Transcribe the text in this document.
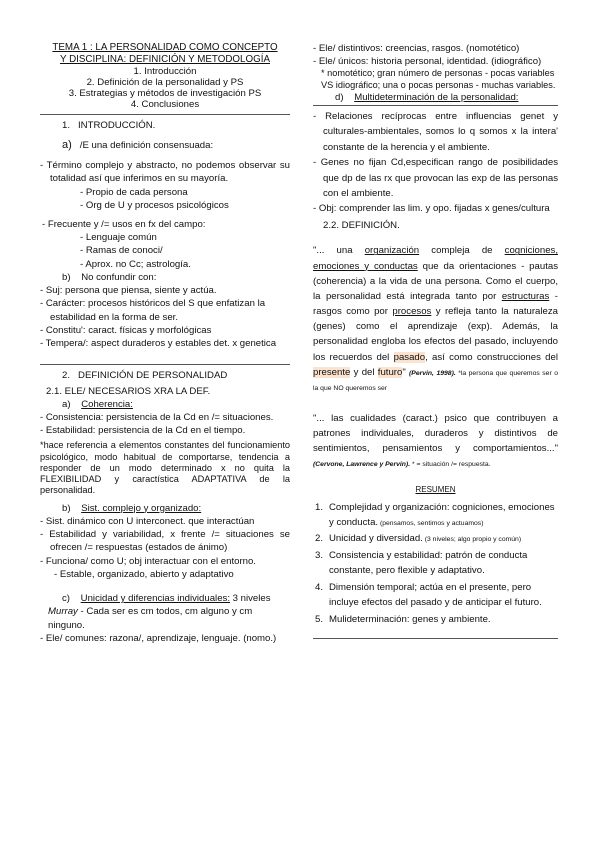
TEMA 1 : LA PERSONALIDAD COMO CONCEPTO
Y DISCIPLINA: DEFINICIÓN Y METODOLOGÍA
1. Introducción
2. Definición de la personalidad y PS
3. Estrategias y métodos de investigación PS
4. Conclusiones
1. INTRODUCCIÓN.
a) /E una definición consensuada:
- Término complejo y abstracto, no podemos observar su totalidad así que inferimos en su mayoría.
- Propio de cada persona
- Org de U y procesos psicológicos
- Frecuente y /= usos en fx del campo:
- Lenguaje común
- Ramas de conoci/
- Aprox. no Cc; astrología.
b) No confundir con:
- Suj: persona que piensa, siente y actúa.
- Carácter: procesos históricos del S que enfatizan la estabilidad en la forma de ser.
- Constitu': caract. físicas y morfológicas
- Tempera/: aspect duraderos y estables det. x genetica
2. DEFINICIÓN DE PERSONALIDAD
2.1. ELE/ NECESARIOS XRA LA DEF.
a) Coherencia:
- Consistencia: persistencia de la Cd en /= situaciones.
- Estabilidad: persistencia de la Cd en el tiempo.
*hace referencia a elementos constantes del funcionamiento psicológico, modo habitual de comportarse, tendencia a responder de un modo determinado x no quita la FLEXIBILIDAD y caractística ADAPTATIVA de la personalidad.
b) Sist. complejo y organizado:
- Sist. dinámico con U interconect. que interactúan
- Estabilidad y variabilidad, x frente /= situaciones se ofrecen /= respuestas (estados de ánimo)
- Funciona/ como U; obj interactuar con el entorno.
- Estable, organizado, abierto y adaptativo
c) Unicidad y diferencias individuales: 3 niveles
Murray - Cada ser es cm todos, cm alguno y cm ninguno.
- Ele/ comunes: razona/, aprendizaje, lenguaje. (nomo.)
- Ele/ distintivos: creencias, rasgos. (nomotético)
- Ele/ únicos: historia personal, identidad. (idiográfico)
* nomotético; gran número de personas - pocas variables
VS idiográfico; una o pocas personas - muchas variables.
d) Multideterminación de la personalidad:
- Relaciones recíprocas entre influencias genet y culturales-ambientales, somos lo q somos x la intera' constante de la herencia y el ambiente.
- Genes no fijan Cd,especifican rango de posibilidades que dp de las rx que provocan las exp de las personas con el ambiente.
- Obj: comprender las lim. y opo. fijadas x genes/cultura
2.2. DEFINICIÓN.
"... una organización compleja de cogniciones, emociones y conductas que da orientaciones - pautas (coherencia) a la vida de una persona. Como el cuerpo, la personalidad está integrada tanto por estructuras - rasgos como por procesos y refleja tanto la naturaleza (genes) como el aprendizaje (exp). Además, la personalidad engloba los efectos del pasado, incluyendo los recuerdos del pasado, así como construcciones del presente y del futuro" (Pervin, 1998). *la persona que queremos ser o la que NO queremos ser
"... las cualidades (caract.) psico que contribuyen a patrones individuales, duraderos y distintivos de sentimientos, pensamientos y comportamientos..." (Cervone, Lawrence y Pervin). * = situación /= respuesta.
RESUMEN
1. Complejidad y organización: cogniciones, emociones y conducta. (pensamos, sentimos y actuamos)
2. Unicidad y diversidad. (3 niveles; algo propio y común)
3. Consistencia y estabilidad: patrón de conducta constante, pero flexible y adaptativo.
4. Dimensión temporal; actúa en el presente, pero incluye efectos del pasado y de anticipar el futuro.
5. Mulideterminación: genes y ambiente.
